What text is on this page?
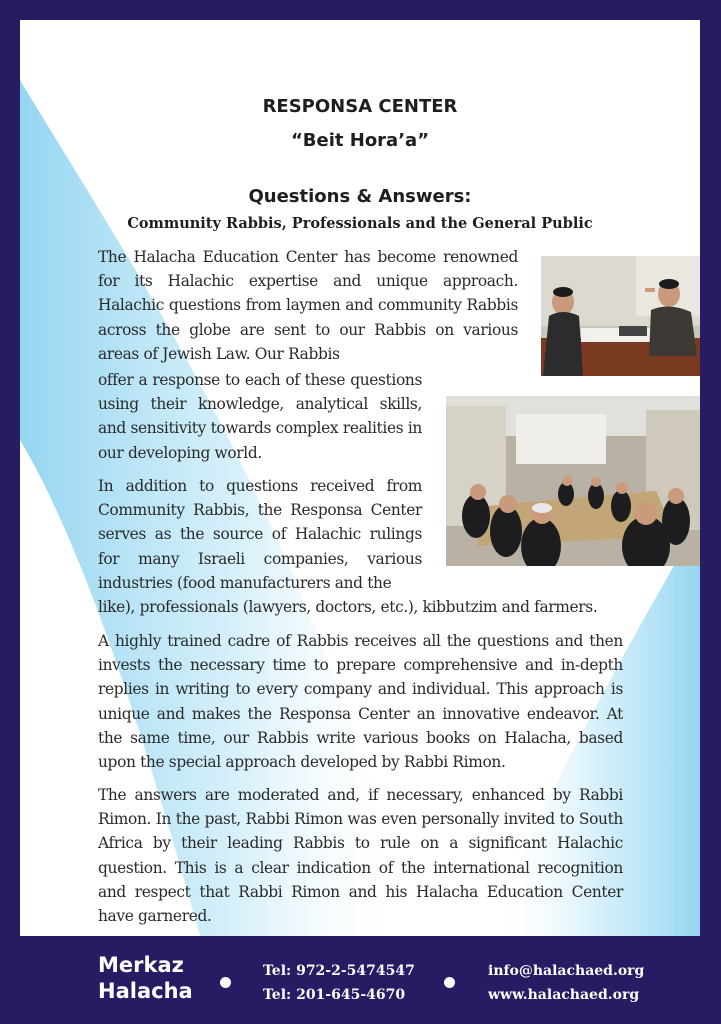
RESPONSA CENTER
“Beit Hora’a”
Questions & Answers:
Community Rabbis, Professionals and the General Public

The Halacha Education Center has become renowned for its Halachic expertise and unique approach. Halachic questions from laymen and community Rabbis across the globe are sent to our Rabbis on various areas of Jewish Law. Our Rabbis

offer a response to each of these questions using their knowledge, analytical skills, and sensitivity towards complex realities in our developing world.

In addition to questions received from Community Rabbis, the Responsa Center serves as the source of Halachic rulings for many Israeli companies, various industries (food manufacturers and the

like), professionals (lawyers, doctors, etc.), kibbutzim and farmers.

A highly trained cadre of Rabbis receives all the questions and then invests the necessary time to prepare comprehensive and in-depth replies in writing to every company and individual. This approach is unique and makes the Responsa Center an innovative endeavor. At the same time, our Rabbis write various books on Halacha, based upon the special approach developed by Rabbi Rimon.

The answers are moderated and, if necessary, enhanced by Rabbi Rimon. In the past, Rabbi Rimon was even personally invited to South Africa by their leading Rabbis to rule on a significant Halachic question. This is a clear indication of the international recognition and respect that Rabbi Rimon and his Halacha Education Center have garnered.

Merkaz
Halacha
Tel: 972-2-5474547
Tel: 201-645-4670
info@halachaed.org
www.halachaed.org
